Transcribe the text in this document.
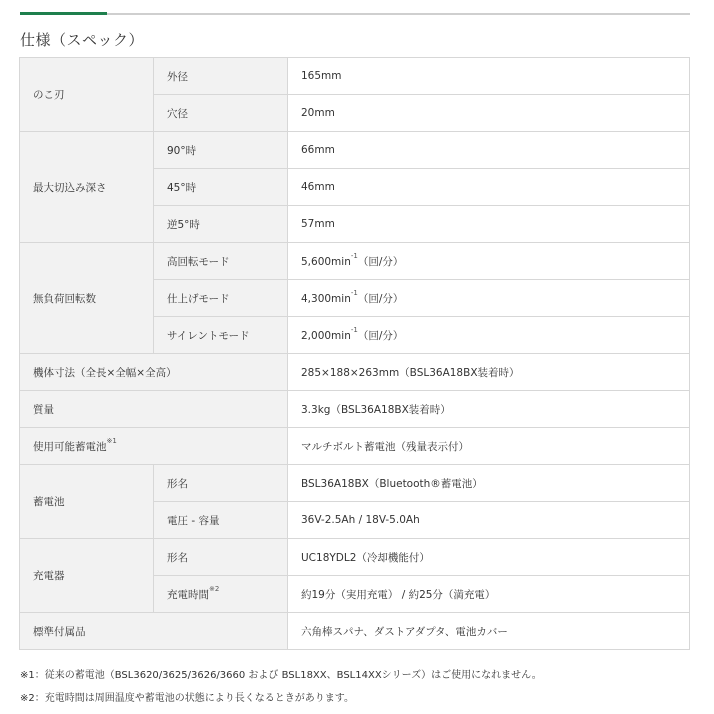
仕様（スペック）
のこ刃	外径	165mm
	穴径	20mm
最大切込み深さ	90°時	66mm
	45°時	46mm
	逆5°時	57mm
無負荷回転数	高回転モード	$5,600\min^{-1}$（回/分）
	仕上げモード	$4,300\min^{-1}$（回/分）
	サイレントモード	$2,000\min^{-1}$（回/分）
機体寸法（全長×全幅×全高）		285×188×263mm（BSL36A18BX装着時）
質量		3.3kg（BSL36A18BX装着時）
使用可能蓄電池$^{※1}$		マルチボルト蓄電池（残量表示付）
蓄電池	形名	BSL36A18BX（Bluetooth®蓄電池）
	電圧 - 容量	36V-2.5Ah / 18V-5.0Ah
充電器	形名	UC18YDL2（冷却機能付）
	充電時間$^{※2}$	約19分（実用充電） / 約25分（満充電）
標準付属品		六角棒スパナ、ダストアダプタ、電池カバー
※1：従来の蓄電池（BSL3620/3625/3626/3660 および BSL18XX、BSL14XXシリーズ）はご使用になれません。
※2：充電時間は周囲温度や蓄電池の状態により長くなるときがあります。
